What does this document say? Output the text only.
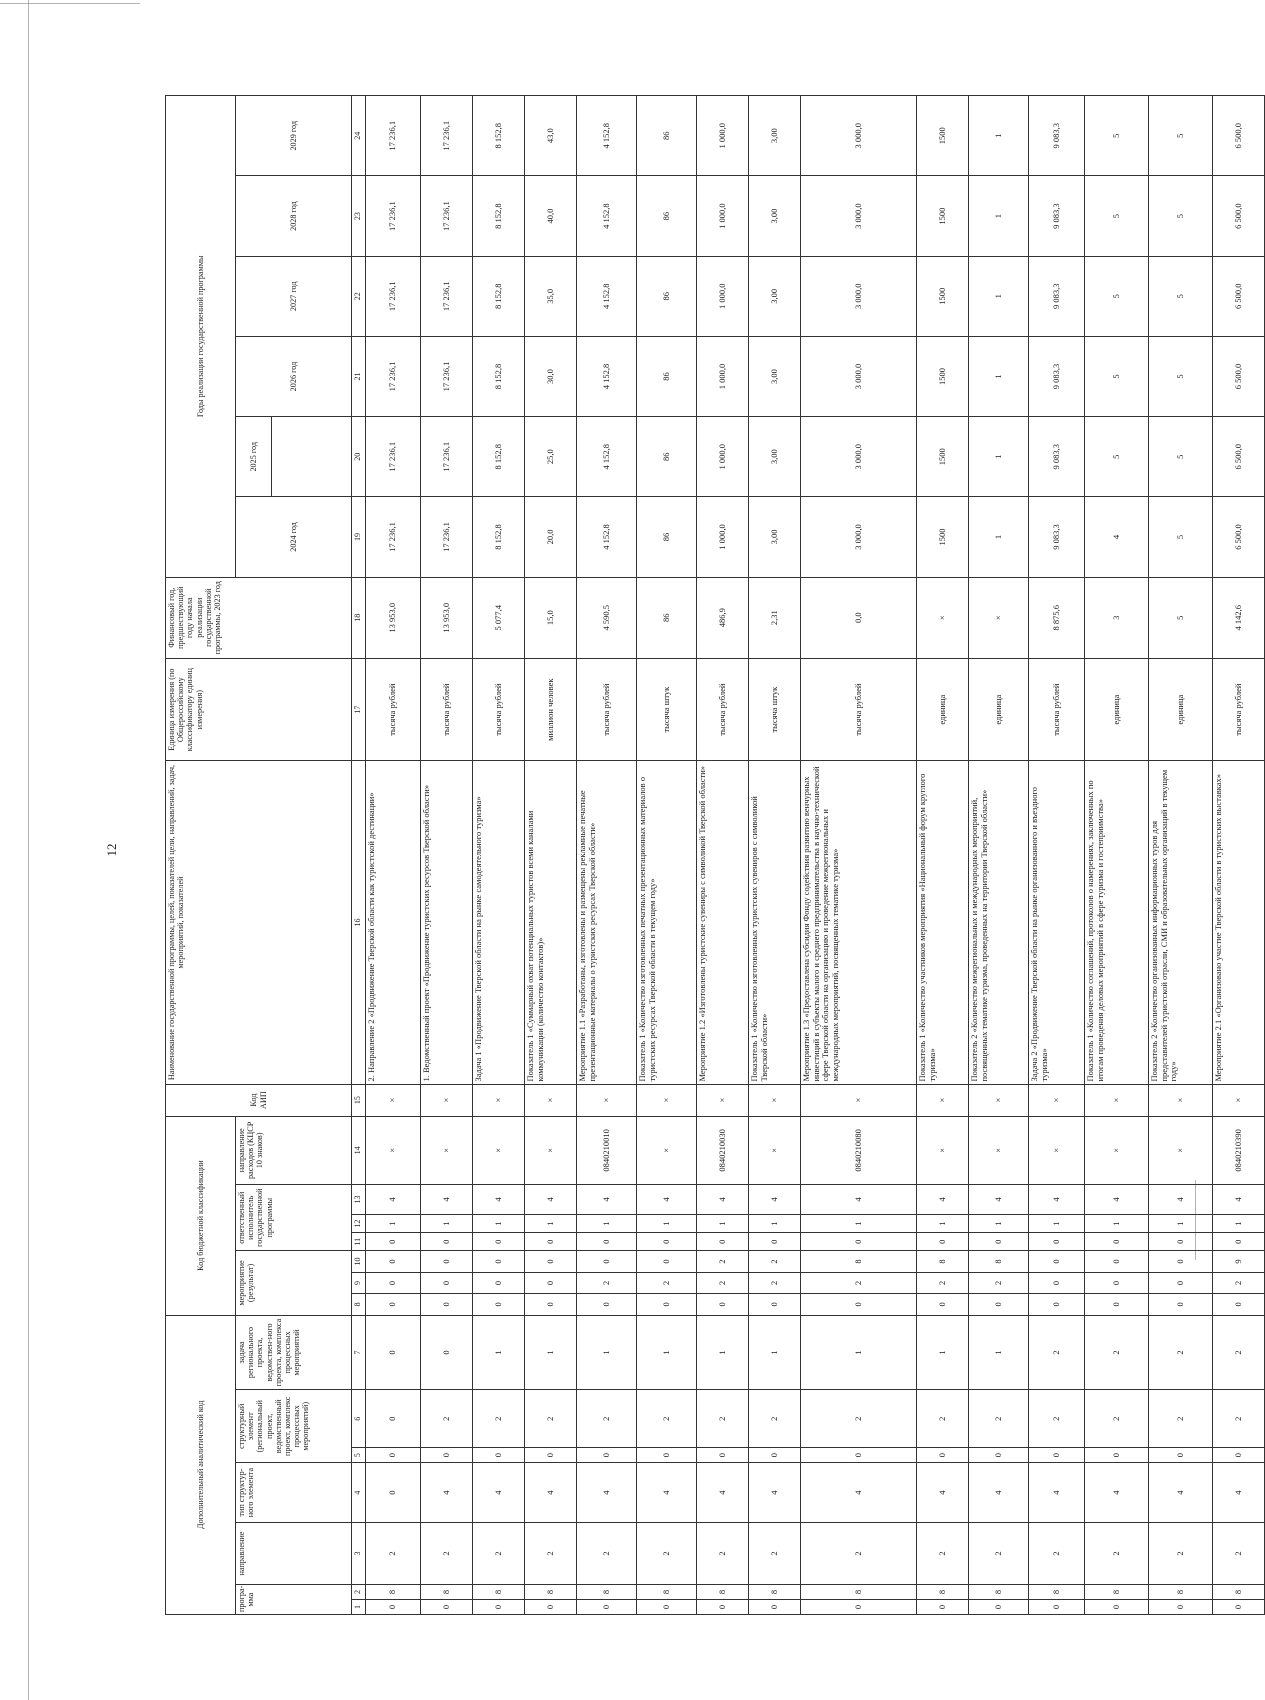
12
Дополнительный аналитический код							Код бюджетной классификации							Код АИП	Наименование государственной программы, целей, показателей цели, направлений, задач, мероприятий, показателей	Единица измерения (по Общероссийскому классификатору единиц измерения)	Финансовый год, предшествующий году начала реализации государственной программы, 2023 год	Годы реализации государственной программы					
програ-мма		направление	тип структур-ного элемента	структурный элемент (региональный проект, ведомственный проект, комплекс процессных мероприятий)		задача регионального проекта, ведомствен-ного проекта, комплекса процессных мероприятий	мероприятие (результат)			ответственный исполнитель государственной программы			направление расходов (КЦСР 10 знаков)					2024 год	2025 год	2026 год	2027 год	2028 год	2029 год

1	2	3	4	5	6	7	8	9	10	11	12	13	14	15	16	17	18	19	20	21	22	23	24
0	8	2	0	0	0	0	0	0	0	0	1	4	×	×	2. Направление 2 «Продвижение Тверской области как туристской дестинации»	тысяча рублей	13 953,0	17 236,1	17 236,1	17 236,1	17 236,1	17 236,1	17 236,1
0	8	2	4	0	2	0	0	0	0	0	1	4	×	×	1. Ведомственный проект «Продвижение туристских ресурсов Тверской области»	тысяча рублей	13 953,0	17 236,1	17 236,1	17 236,1	17 236,1	17 236,1	17 236,1
0	8	2	4	0	2	1	0	0	0	0	1	4	×	×	Задача 1 «Продвижение Тверской области на рынке самодеятельного туризма»	тысяча рублей	5 077,4	8 152,8	8 152,8	8 152,8	8 152,8	8 152,8	8 152,8
0	8	2	4	0	2	1	0	0	0	0	1	4	×	×	Показатель 1 «Суммарный охват потенциальных туристов всеми каналами коммуникации (количество контактов)»	миллион человек	15,0	20,0	25,0	30,0	35,0	40,0	43,0
0	8	2	4	0	2	1	0	2	0	0	1	4	0840210010	×	Мероприятие 1.1 «Разработаны, изготовлены и размещены рекламные печатные презентационные материалы о туристских ресурсах Тверской области»	тысяча рублей	4 590,5	4 152,8	4 152,8	4 152,8	4 152,8	4 152,8	4 152,8
0	8	2	4	0	2	1	0	2	0	0	1	4	×	×	Показатель 1 «Количество изготовленных печатных презентационных материалов о туристских ресурсах Тверской области в текущем году»	тысяча штук	86	86	86	86	86	86	86
0	8	2	4	0	2	1	0	2	2	0	1	4	0840210030	×	Мероприятие 1.2 «Изготовлены туристские сувениры с символикой Тверской области»	тысяча рублей	486,9	1 000,0	1 000,0	1 000,0	1 000,0	1 000,0	1 000,0
0	8	2	4	0	2	1	0	2	2	0	1	4	×	×	Показатель 1 «Количество изготовленных туристских сувениров с символикой Тверской области»	тысяча штук	2,31	3,00	3,00	3,00	3,00	3,00	3,00
0	8	2	4	0	2	1	0	2	8	0	1	4	0840210080	×	Мероприятие 1.3 «Предоставлена субсидия Фонду содействия развитию венчурных инвестиций в субъекты малого и среднего предпринимательства в научно-технической сфере Тверской области на организацию и проведение межрегиональных и международных мероприятий, посвященных тематике туризма»	тысяча рублей	0,0	3 000,0	3 000,0	3 000,0	3 000,0	3 000,0	3 000,0
0	8	2	4	0	2	1	0	2	8	0	1	4	×	×	Показатель 1 «Количество участников мероприятия «Национальный форум круглого туризма»	единица	×	1500	1500	1500	1500	1500	1500
0	8	2	4	0	2	1	0	2	8	0	1	4	×	×	Показатель 2 «Количество межрегиональных и международных мероприятий, посвященных тематике туризма, проведенных на территории Тверской области»	единица	×	1	1	1	1	1	1
0	8	2	4	0	2	2	0	0	0	0	1	4	×	×	Задача 2 «Продвижение Тверской области на рынке организованного и въездного туризма»	тысяча рублей	8 875,6	9 083,3	9 083,3	9 083,3	9 083,3	9 083,3	9 083,3
0	8	2	4	0	2	2	0	0	0	0	1	4	×	×	Показатель 1 «Количество соглашений, протоколов о намерениях, заключенных по итогам проведения деловых мероприятий в сфере туризма и гостеприимства»	единица	3	4	5	5	5	5	5
0	8	2	4	0	2	2	0	0	0	0	1	4	×	×	Показатель 2 «Количество организованных информационных туров для представителей туристской отрасли, СМИ и образовательных организаций в текущем году»	единица	5	5	5	5	5	5	5
0	8	2	4	0	2	2	0	2	9	0	1	4	0840210390	×	Мероприятие 2.1 «Организовано участие Тверской области в туристских выставках»	тысяча рублей	4 142,6	6 500,0	6 500,0	6 500,0	6 500,0	6 500,0	6 500,0
